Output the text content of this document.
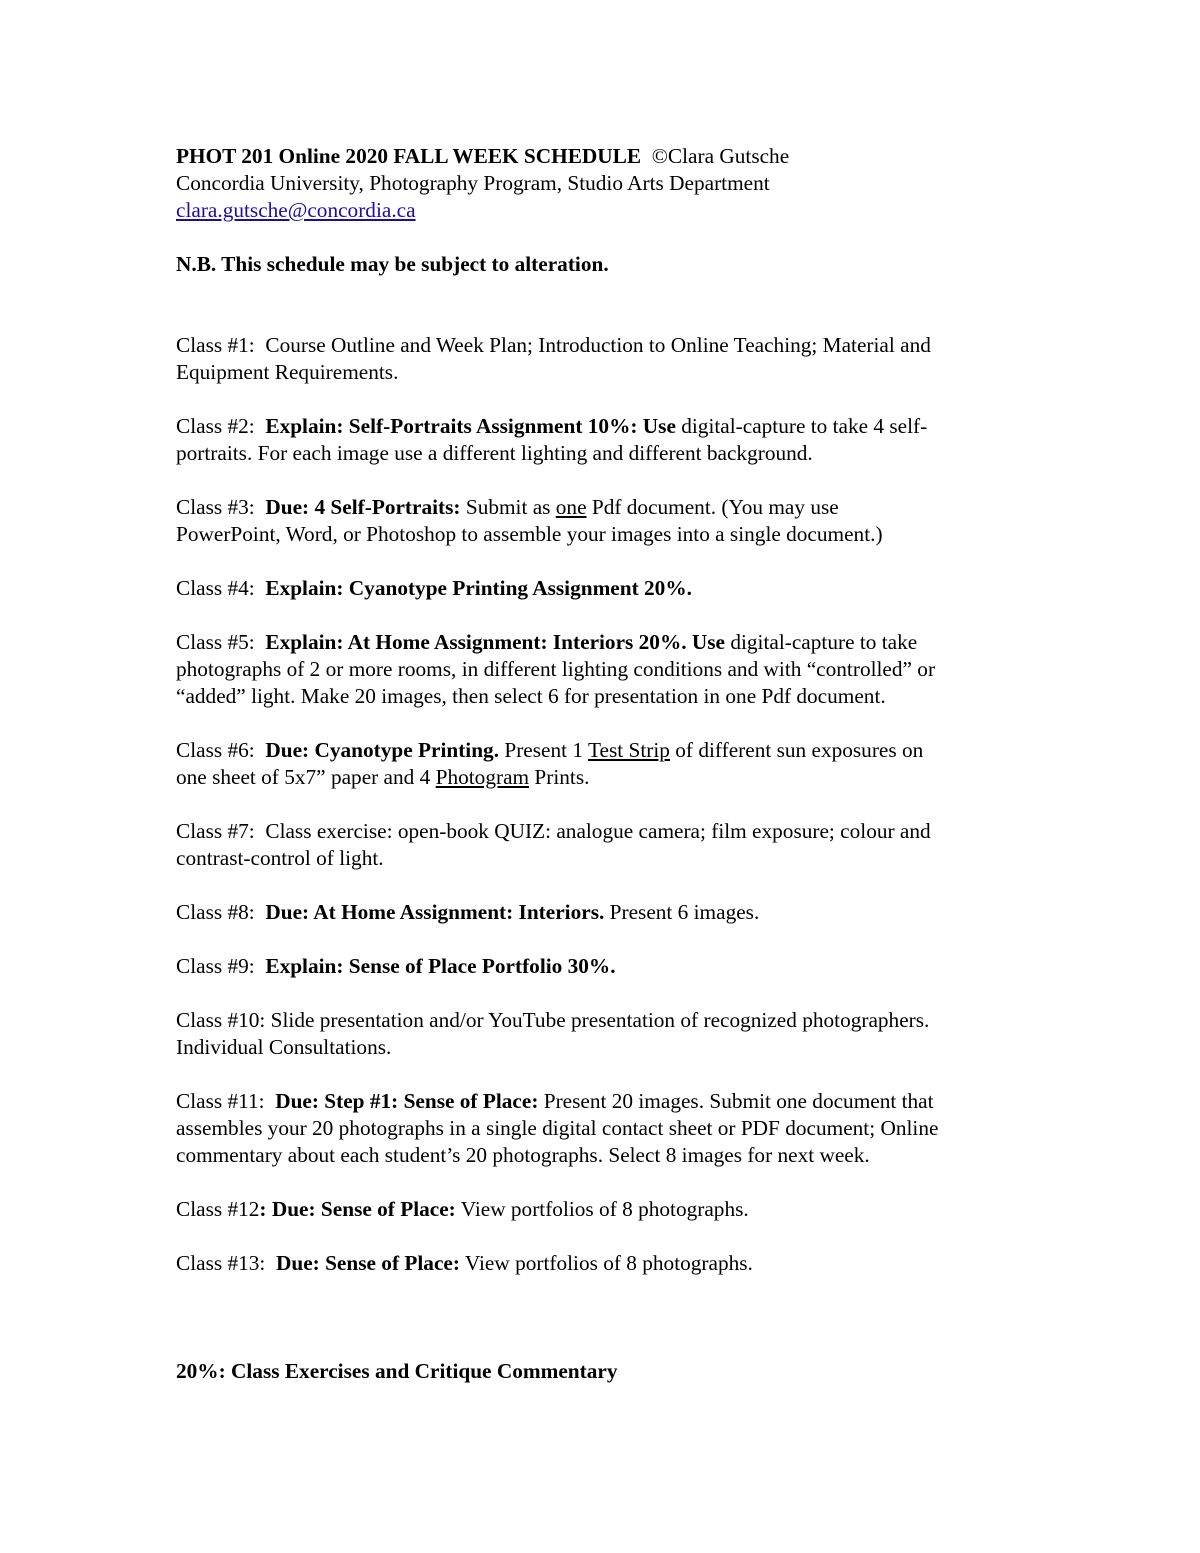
PHOT 201 Online 2020 FALL WEEK SCHEDULE ©Clara Gutsche
Concordia University, Photography Program, Studio Arts Department
clara.gutsche@concordia.ca

N.B. This schedule may be subject to alteration.

Class #1: Course Outline and Week Plan; Introduction to Online Teaching; Material and
Equipment Requirements.

Class #2: Explain: Self-Portraits Assignment 10%: Use digital-capture to take 4 self-
portraits. For each image use a different lighting and different background.

Class #3: Due: 4 Self-Portraits: Submit as one Pdf document. (You may use
PowerPoint, Word, or Photoshop to assemble your images into a single document.)

Class #4: Explain: Cyanotype Printing Assignment 20%.

Class #5: Explain: At Home Assignment: Interiors 20%. Use digital-capture to take
photographs of 2 or more rooms, in different lighting conditions and with “controlled” or
“added” light. Make 20 images, then select 6 for presentation in one Pdf document.

Class #6: Due: Cyanotype Printing. Present 1 Test Strip of different sun exposures on
one sheet of 5x7” paper and 4 Photogram Prints.

Class #7: Class exercise: open-book QUIZ: analogue camera; film exposure; colour and
contrast-control of light.

Class #8: Due: At Home Assignment: Interiors. Present 6 images.

Class #9: Explain: Sense of Place Portfolio 30%.

Class #10: Slide presentation and/or YouTube presentation of recognized photographers.
Individual Consultations.

Class #11: Due: Step #1: Sense of Place: Present 20 images. Submit one document that
assembles your 20 photographs in a single digital contact sheet or PDF document; Online
commentary about each student’s 20 photographs. Select 8 images for next week.

Class #12: Due: Sense of Place: View portfolios of 8 photographs.

Class #13: Due: Sense of Place: View portfolios of 8 photographs.

20%: Class Exercises and Critique Commentary
